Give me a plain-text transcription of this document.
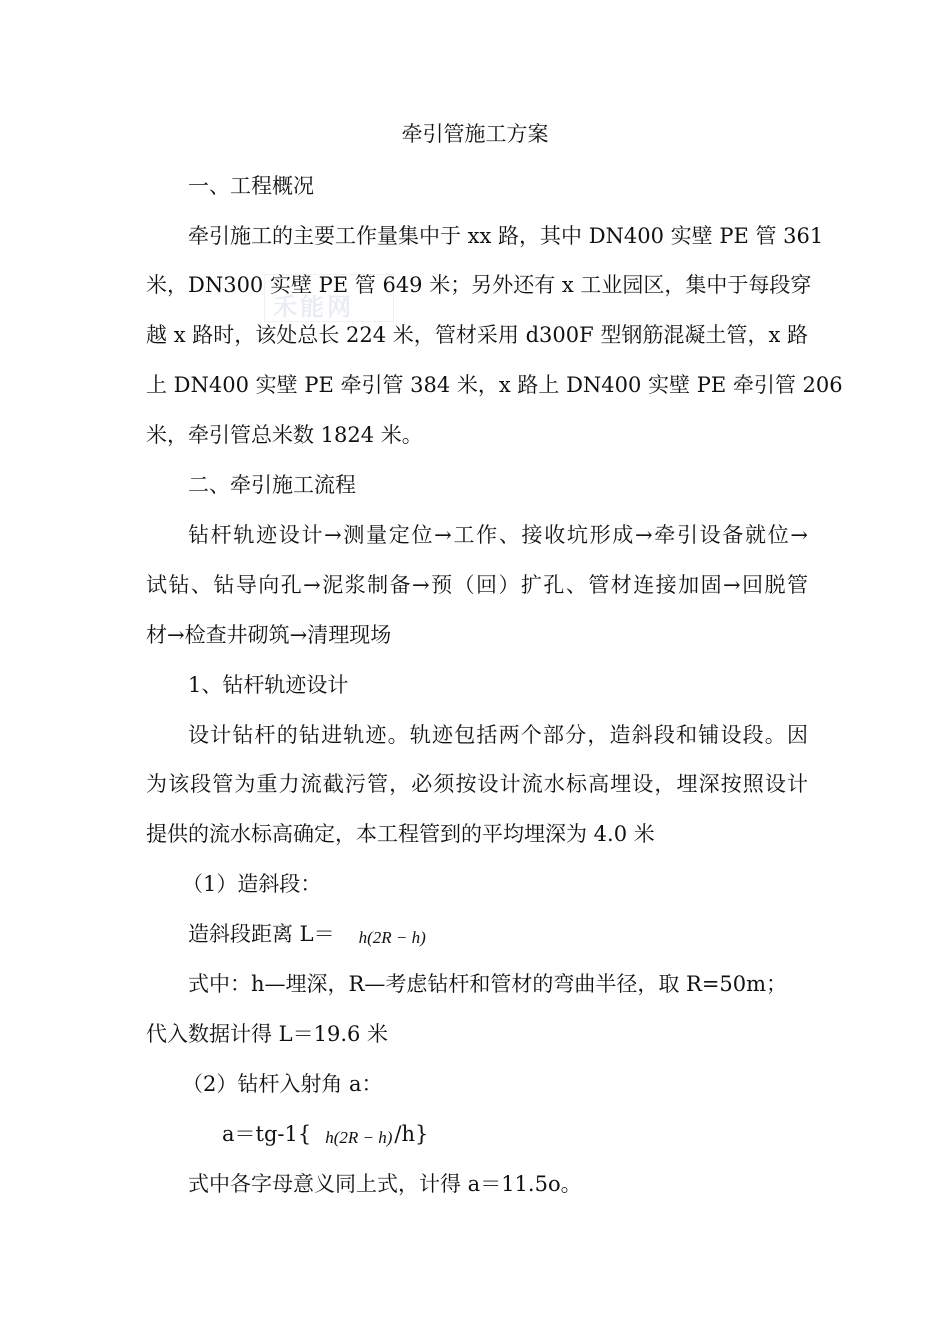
禾能网
牵引管施工方案
一、工程概况
牵引施工的主要工作量集中于 xx 路，其中 DN400 实壁 PE 管 361
米，DN300 实壁 PE 管 649 米；另外还有 x 工业园区，集中于每段穿
越 x 路时，该处总长 224 米，管材采用 d300F 型钢筋混凝土管，x 路
上 DN400 实壁 PE 牵引管 384 米，x 路上 DN400 实壁 PE 牵引管 206
米，牵引管总米数 1824 米。
二、牵引施工流程
钻杆轨迹设计→测量定位→工作、接收坑形成→牵引设备就位→
试钻、钻导向孔→泥浆制备→预（回）扩孔、管材连接加固→回脱管
材→检查井砌筑→清理现场
1、钻杆轨迹设计
设计钻杆的钻进轨迹。轨迹包括两个部分，造斜段和铺设段。因
为该段管为重力流截污管，必须按设计流水标高埋设，埋深按照设计
提供的流水标高确定，本工程管到的平均埋深为 4.0 米
（1）造斜段：
造斜段距离 L＝ h(2R − h)
式中：h—埋深，R—考虑钻杆和管材的弯曲半径，取 R=50m；
代入数据计得 L＝19.6 米
（2）钻杆入射角 a：
a＝tg-1{ h(2R − h)/h}
式中各字母意义同上式，计得 a＝11.5o。
